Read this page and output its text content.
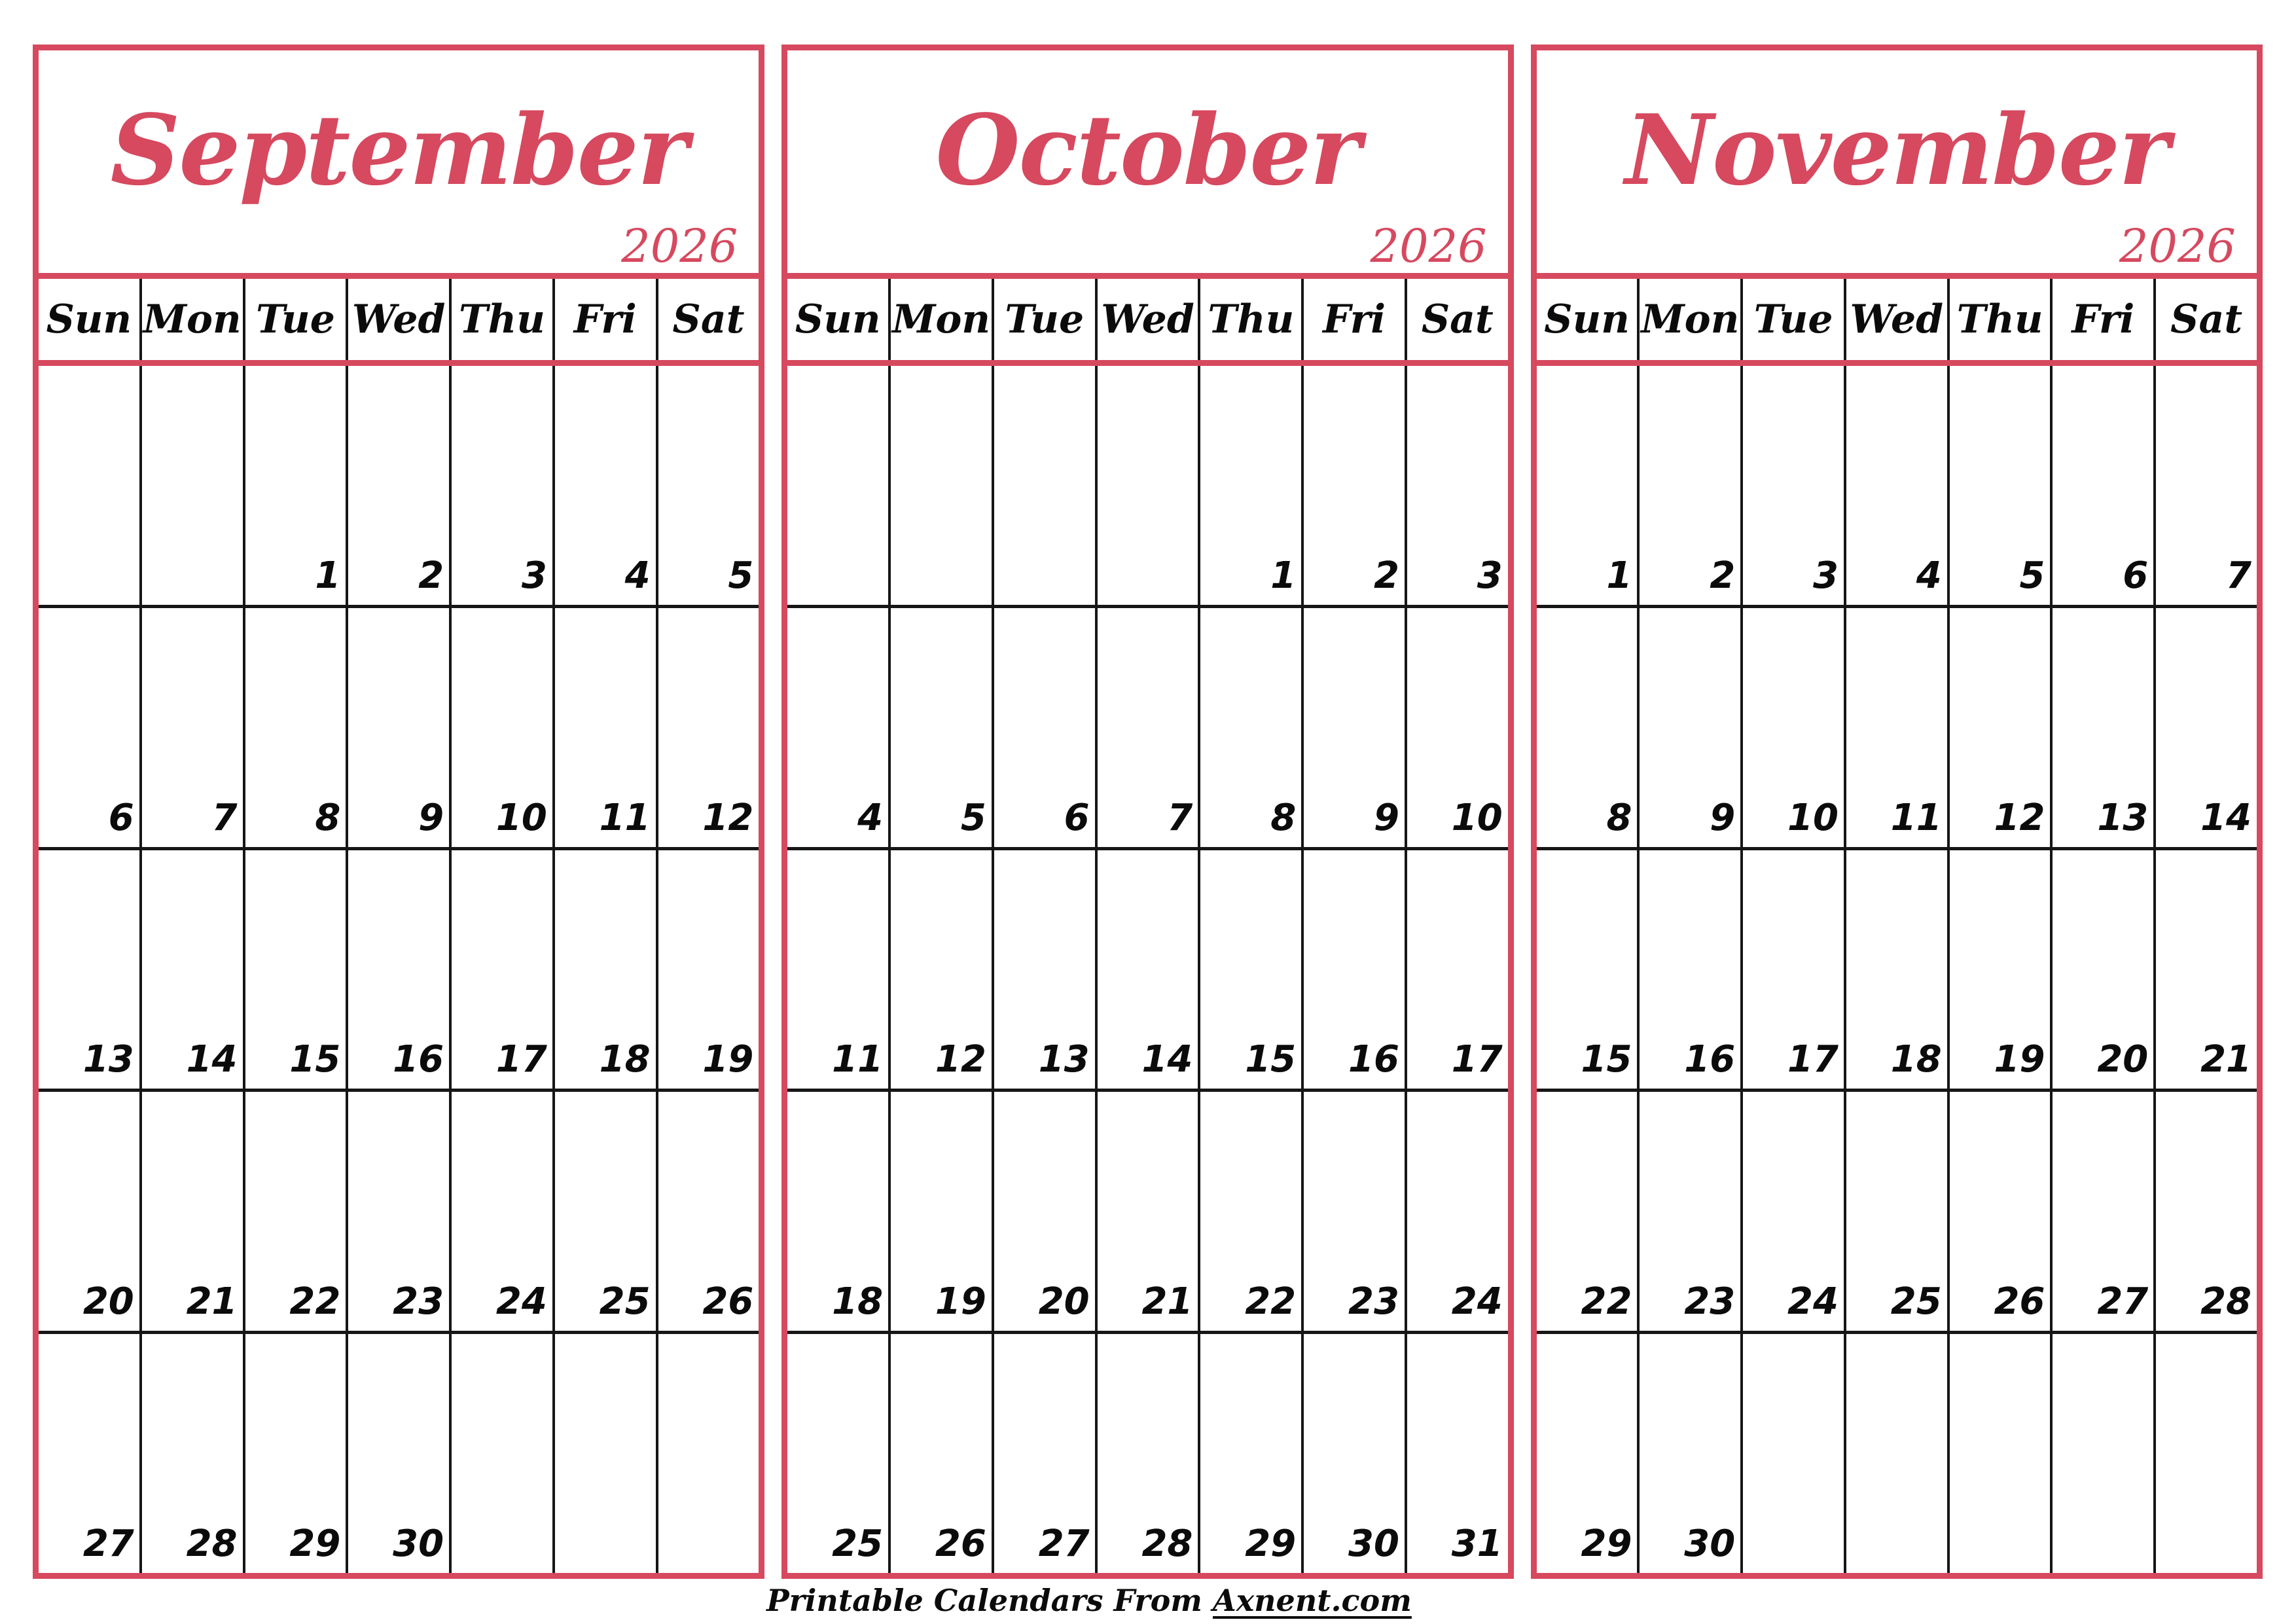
September
2026
Sun Mon Tue Wed Thu Fri Sat
1 2 3 4 5
6 7 8 9 10 11 12
13 14 15 16 17 18 19
20 21 22 23 24 25 26
27 28 29 30
October
2026
Sun Mon Tue Wed Thu Fri Sat
1 2 3
4 5 6 7 8 9 10
11 12 13 14 15 16 17
18 19 20 21 22 23 24
25 26 27 28 29 30 31
November
2026
Sun Mon Tue Wed Thu Fri Sat
1 2 3 4 5 6 7
8 9 10 11 12 13 14
15 16 17 18 19 20 21
22 23 24 25 26 27 28
29 30
Printable Calendars From Axnent.com
